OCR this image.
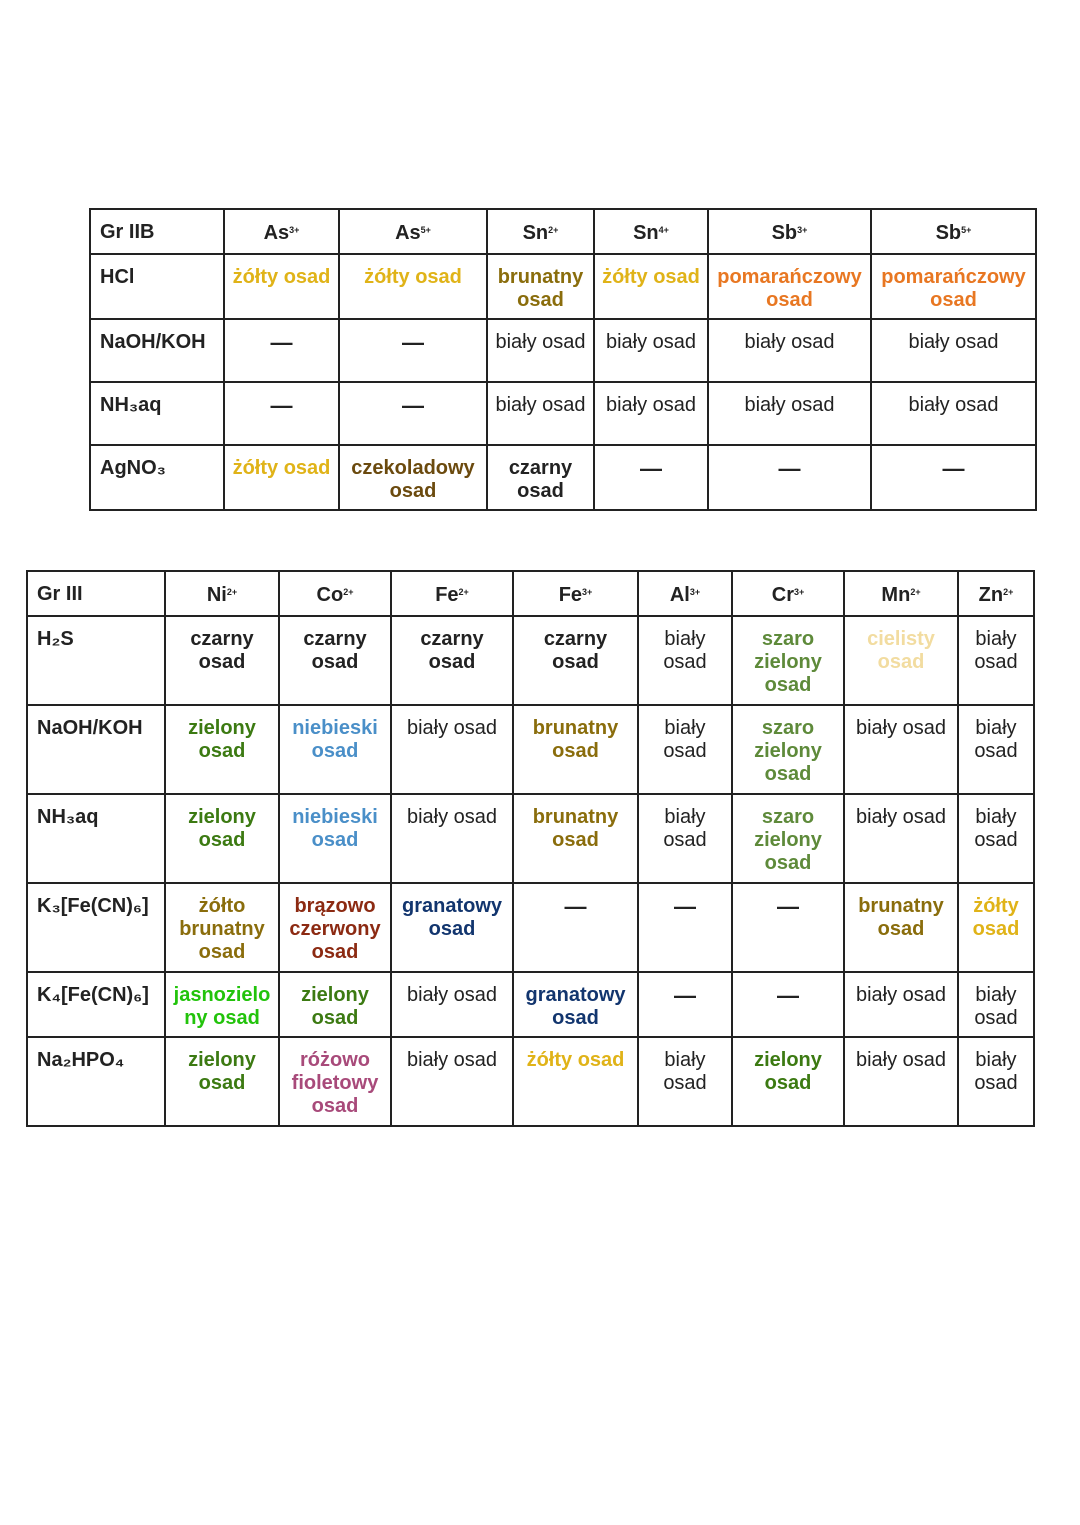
Gr IIB	$As^{3+}$	$As^{5+}$	$Sn^{2+}$	$Sn^{4+}$	$Sb^{3+}$	$Sb^{5+}$
HCl	żółty osad	żółty osad	brunatny osad	żółty osad	pomarańczowy osad	pomarańczowy osad
NaOH/KOH	—	—	biały osad	biały osad	biały osad	biały osad
NH₃aq	—	—	biały osad	biały osad	biały osad	biały osad
AgNO₃	żółty osad	czekoladowy osad	czarny osad	—	—	—
Gr III	$Ni^{2+}$	$Co^{2+}$	$Fe^{2+}$	$Fe^{3+}$	$Al^{3+}$	$Cr^{3+}$	$Mn^{2+}$	$Zn^{2+}$
H₂S	czarny osad	czarny osad	czarny osad	czarny osad	biały osad	szaro zielony osad	cielisty osad	biały osad
NaOH/KOH	zielony osad	niebieski osad	biały osad	brunatny osad	biały osad	szaro zielony osad	biały osad	biały osad
NH₃aq	zielony osad	niebieski osad	biały osad	brunatny osad	biały osad	szaro zielony osad	biały osad	biały osad
K₃[Fe(CN)₆]	żółto brunatny osad	brązowo czerwony osad	granatowy osad	—	—	—	brunatny osad	żółty osad
K₄[Fe(CN)₆]	jasnozielony osad	zielony osad	biały osad	granatowy osad	—	—	biały osad	biały osad
Na₂HPO₄	zielony osad	różowo fioletowy osad	biały osad	żółty osad	biały osad	zielony osad	biały osad	biały osad
